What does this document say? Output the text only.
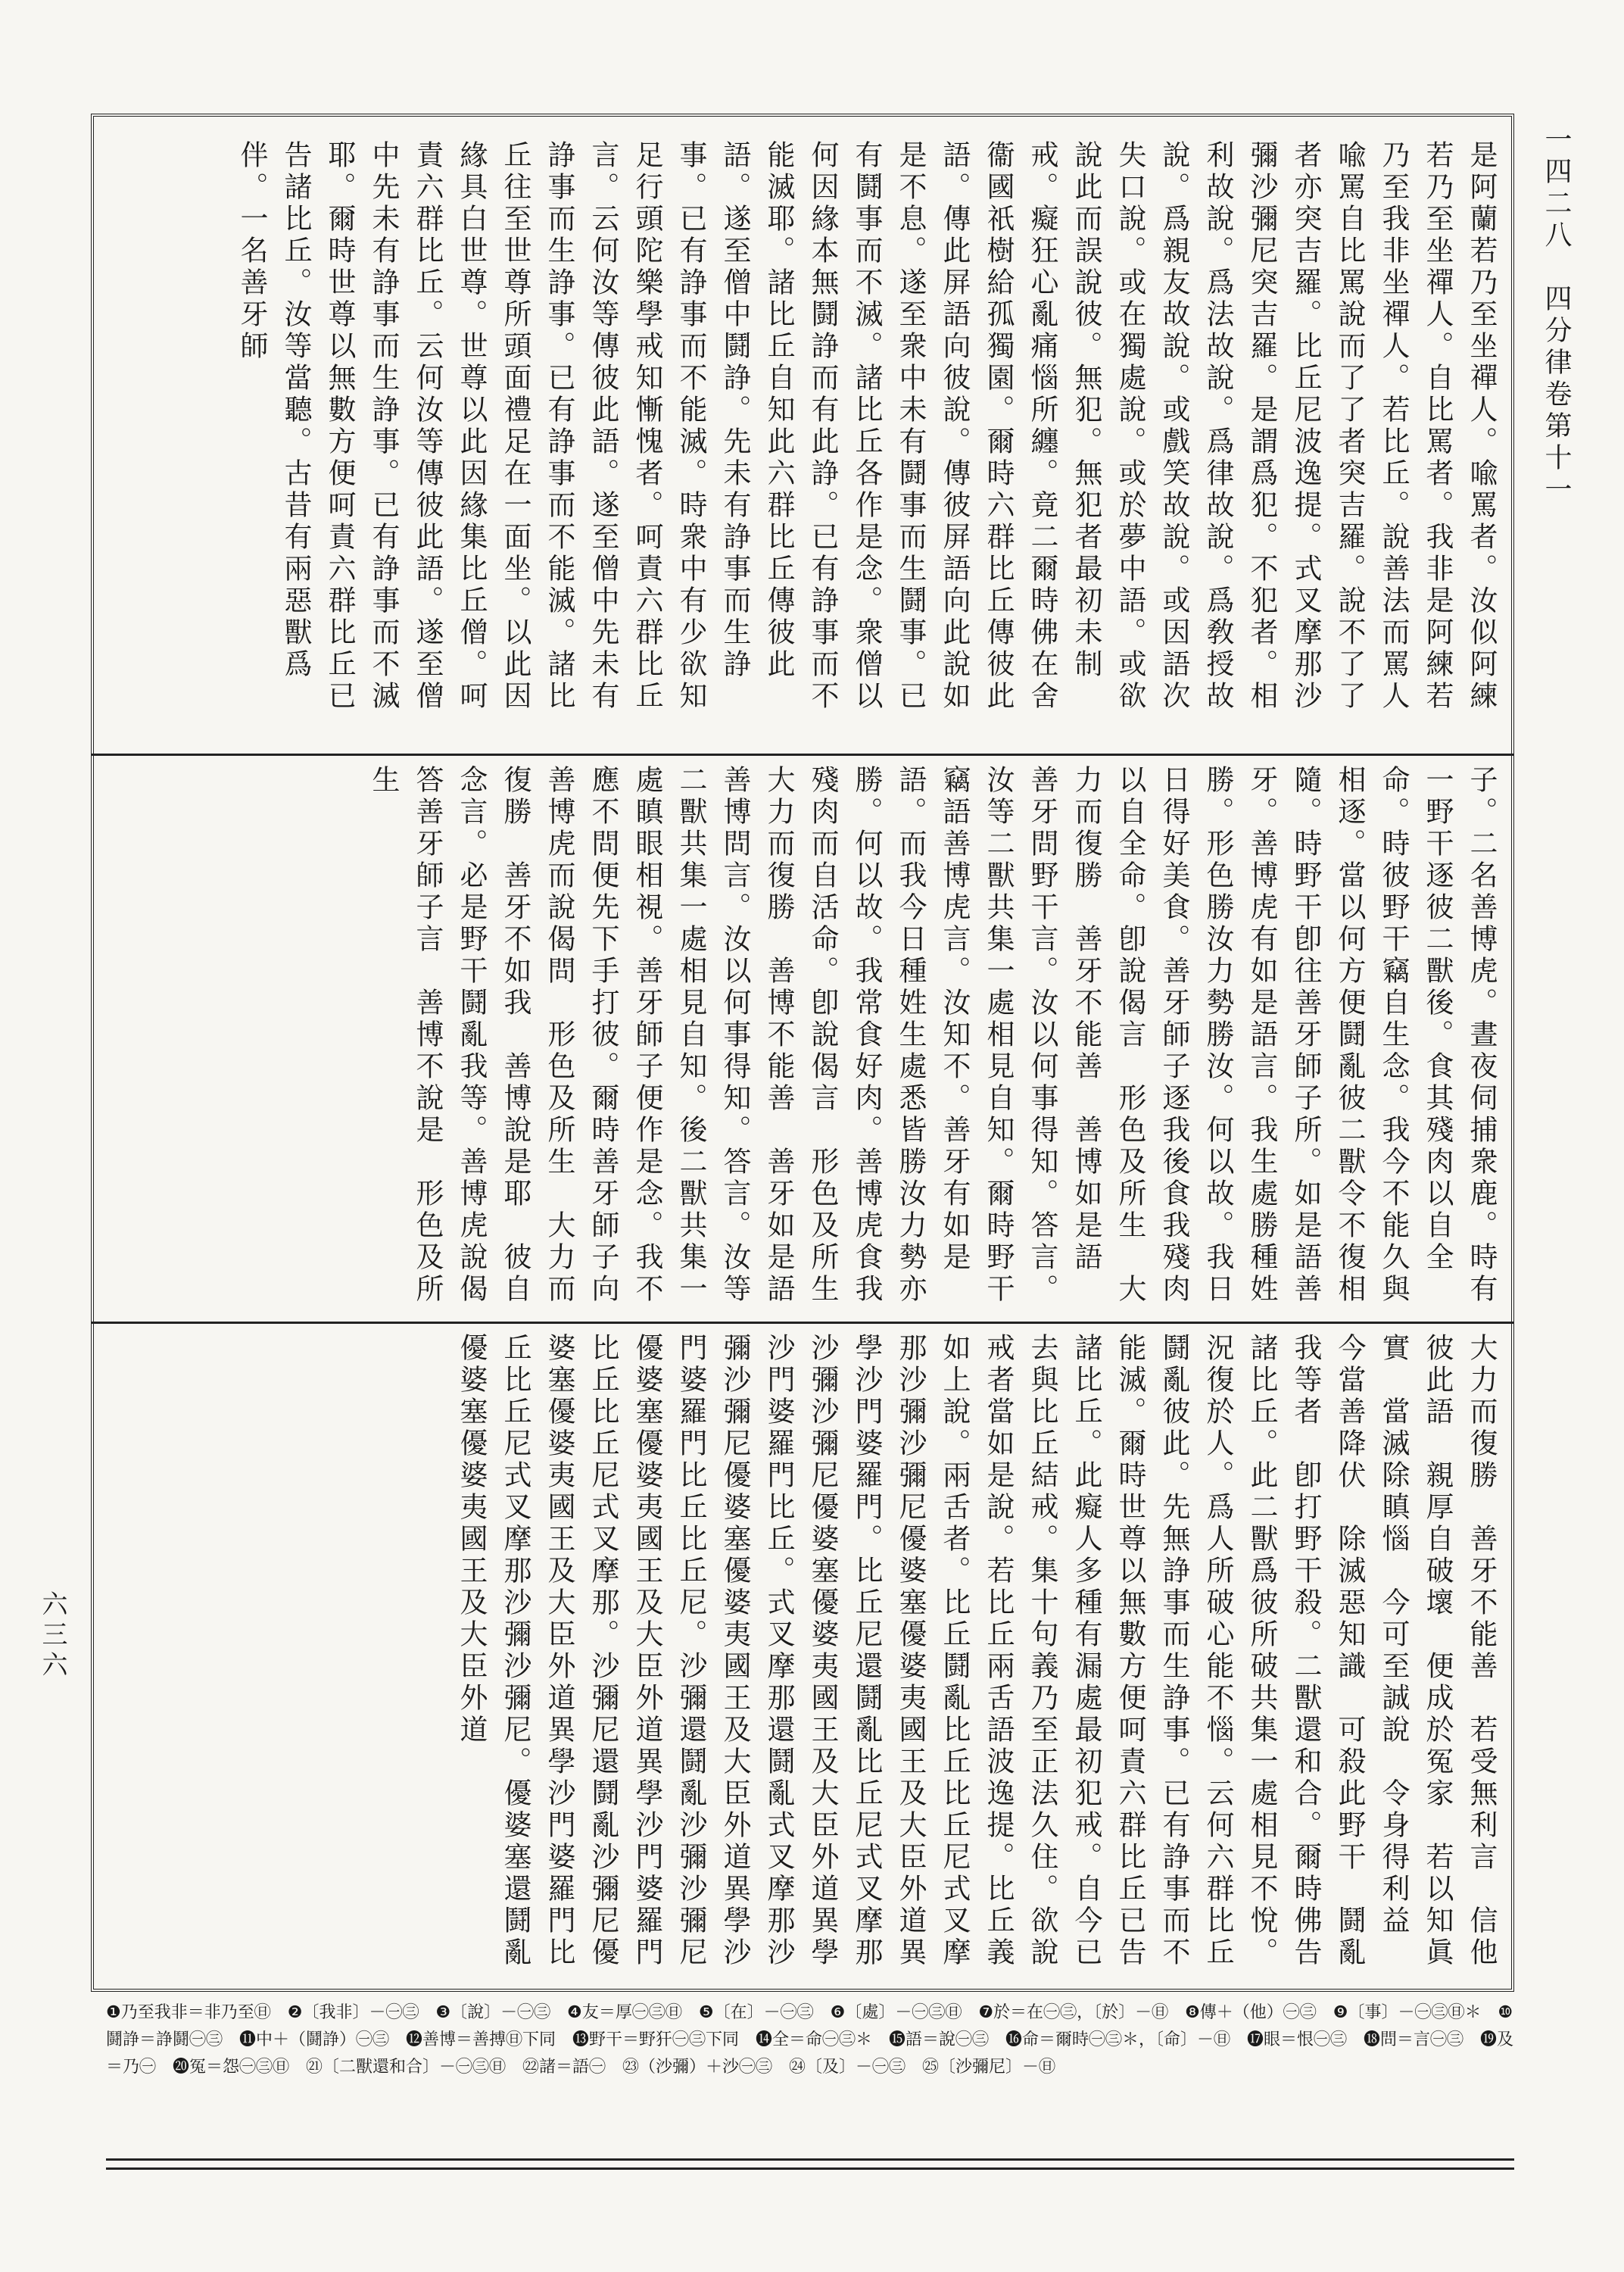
一四二八　四分律卷第十一
六三六
是阿蘭若乃至坐禪人。喩罵者。汝似阿練若乃至坐禪人。自比罵者。我非是阿練若乃至我非坐禪人。若比丘。說善法而罵人喩罵自比罵說而了了者突吉羅。說不了了者亦突吉羅。比丘尼波逸提。式叉摩那沙彌沙彌尼突吉羅。是謂爲犯。不犯者。相利故說。爲法故說。爲律故說。爲敎授故說。爲親友故說。或戲笑故說。或因語次失口說。或在獨處說。或於夢中語。或欲說此而誤說彼。無犯。無犯者最初未制戒。癡狂心亂痛惱所纏。竟二爾時佛在舍衞國祇樹給孤獨園。爾時六群比丘傳彼此語。傳此屏語向彼說。傳彼屏語向此說如是不息。遂至衆中未有鬪事而生鬪事。已有鬪事而不滅。諸比丘各作是念。衆僧以何因緣本無鬪諍而有此諍。已有諍事而不能滅耶。諸比丘自知此六群比丘傳彼此語。遂至僧中鬪諍。先未有諍事而生諍事。已有諍事而不能滅。時衆中有少欲知足行頭陀樂學戒知慚愧者。呵責六群比丘言。云何汝等傳彼此語。遂至僧中先未有諍事而生諍事。已有諍事而不能滅。諸比丘往至世尊所頭面禮足在一面坐。以此因緣具白世尊。世尊以此因緣集比丘僧。呵責六群比丘。云何汝等傳彼此語。遂至僧中先未有諍事而生諍事。已有諍事而不滅耶。爾時世尊以無數方便呵責六群比丘已告諸比丘。汝等當聽。古昔有兩惡獸爲伴。一名善牙師
子。二名善博虎。晝夜伺捕衆鹿。時有一野干逐彼二獸後。食其殘肉以自全命。時彼野干竊自生念。我今不能久與相逐。當以何方便鬪亂彼二獸令不復相隨。時野干卽往善牙師子所。如是語善牙。善博虎有如是語言。我生處勝種姓勝。形色勝汝力勢勝汝。何以故。我日日得好美食。善牙師子逐我後食我殘肉以自全命。卽說偈言　形色及所生　大力而復勝　善牙不能善　善博如是語　善牙問野干言。汝以何事得知。答言。汝等二獸共集一處相見自知。爾時野干竊語善博虎言。汝知不。善牙有如是語。而我今日種姓生處悉皆勝汝力勢亦勝。何以故。我常食好肉。善博虎食我殘肉而自活命。卽說偈言　形色及所生　大力而復勝　善博不能善　善牙如是語　善博問言。汝以何事得知。答言。汝等二獸共集一處相見自知。後二獸共集一處瞋眼相視。善牙師子便作是念。我不應不問便先下手打彼。爾時善牙師子向善博虎而說偈問　形色及所生　大力而復勝　善牙不如我　善博說是耶　彼自念言。必是野干鬪亂我等。善博虎說偈答善牙師子言　善博不說是　形色及所生
大力而復勝　善牙不能善　若受無利言　信他彼此語　親厚自破壞　便成於冤家　若以知眞實　當滅除瞋惱　今可至誠說　令身得利益　今當善降伏　除滅惡知識　可殺此野干　鬪亂我等者　卽打野干殺。二獸還和合。爾時佛告諸比丘。此二獸爲彼所破共集一處相見不悅。況復於人。爲人所破心能不惱。云何六群比丘鬪亂彼此。先無諍事而生諍事。已有諍事而不能滅。爾時世尊以無數方便呵責六群比丘已告諸比丘。此癡人多種有漏處最初犯戒。自今已去與比丘結戒。集十句義乃至正法久住。欲說戒者當如是說。若比丘兩舌語波逸提。比丘義如上說。兩舌者。比丘鬪亂比丘比丘尼式叉摩那沙彌沙彌尼優婆塞優婆夷國王及大臣外道異學沙門婆羅門。比丘尼還鬪亂比丘尼式叉摩那沙彌沙彌尼優婆塞優婆夷國王及大臣外道異學沙門婆羅門比丘。式叉摩那還鬪亂式叉摩那沙彌沙彌尼優婆塞優婆夷國王及大臣外道異學沙門婆羅門比丘比丘尼。沙彌還鬪亂沙彌沙彌尼優婆塞優婆夷國王及大臣外道異學沙門婆羅門比丘比丘尼式叉摩那。沙彌尼還鬪亂沙彌尼優婆塞優婆夷國王及大臣外道異學沙門婆羅門比丘比丘尼式叉摩那沙彌沙彌尼。優婆塞還鬪亂優婆塞優婆夷國王及大臣外道
❶乃至我非＝非乃至㊐　❷〔我非〕－㊀㊂　❸〔說〕－㊀㊂　❹友＝厚㊀㊂㊐　❺〔在〕－㊀㊂　❻〔處〕－㊀㊂㊐　❼於＝在㊀㊂，〔於〕－㊐　❽傳＋（他）㊀㊂　❾〔事〕－㊀㊂㊐＊　❿鬪諍＝諍鬪㊀㊂　⓫中＋（鬪諍）㊀㊂　⓬善博＝善搏㊐下同　⓭野干＝野犴㊀㊂下同　⓮全＝命㊀㊂＊　⓯語＝說㊀㊂　⓰命＝爾時㊀㊂＊，〔命〕－㊐　⓱眼＝恨㊀㊂　⓲問＝言㊀㊂　⓳及＝乃㊀　⓴冤＝怨㊀㊂㊐　㉑〔二獸還和合〕－㊀㊂㊐　㉒諸＝語㊀　㉓（沙彌）＋沙㊀㊂　㉔〔及〕－㊀㊂　㉕〔沙彌尼〕－㊐
